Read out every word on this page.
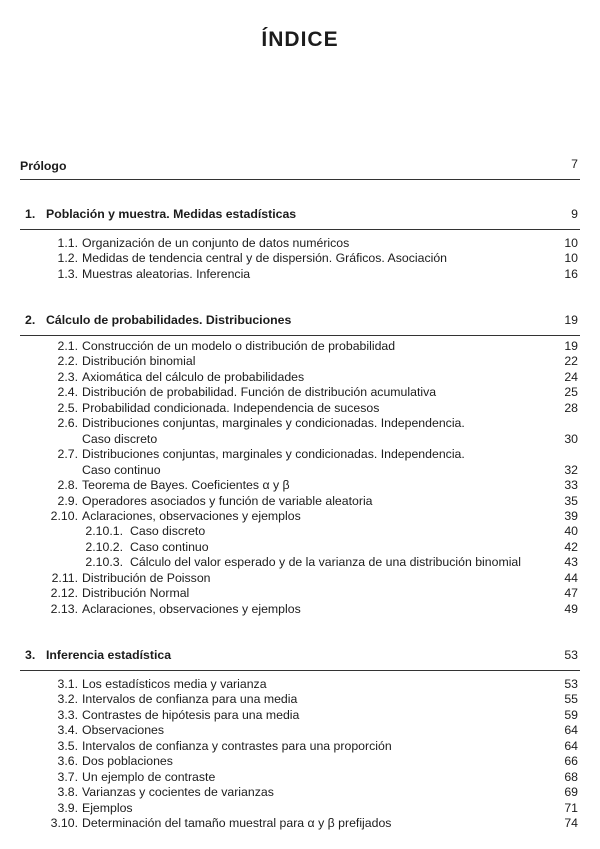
ÍNDICE
Prólogo	7
1. Población y muestra. Medidas estadísticas	9
1.1. Organización de un conjunto de datos numéricos	10
1.2. Medidas de tendencia central y de dispersión. Gráficos. Asociación	10
1.3. Muestras aleatorias. Inferencia	16
2. Cálculo de probabilidades. Distribuciones	19
2.1. Construcción de un modelo o distribución de probabilidad	19
2.2. Distribución binomial	22
2.3. Axiomática del cálculo de probabilidades	24
2.4. Distribución de probabilidad. Función de distribución acumulativa	25
2.5. Probabilidad condicionada. Independencia de sucesos	28
2.6. Distribuciones conjuntas, marginales y condicionadas. Independencia.
Caso discreto	30
2.7. Distribuciones conjuntas, marginales y condicionadas. Independencia.
Caso continuo	32
2.8. Teorema de Bayes. Coeficientes α y β	33
2.9. Operadores asociados y función de variable aleatoria	35
2.10. Aclaraciones, observaciones y ejemplos	39
2.10.1. Caso discreto	40
2.10.2. Caso continuo	42
2.10.3. Cálculo del valor esperado y de la varianza de una distribución binomial	43
2.11. Distribución de Poisson	44
2.12. Distribución Normal	47
2.13. Aclaraciones, observaciones y ejemplos	49
3. Inferencia estadística	53
3.1. Los estadísticos media y varianza	53
3.2. Intervalos de confianza para una media	55
3.3. Contrastes de hipótesis para una media	59
3.4. Observaciones	64
3.5. Intervalos de confianza y contrastes para una proporción	64
3.6. Dos poblaciones	66
3.7. Un ejemplo de contraste	68
3.8. Varianzas y cocientes de varianzas	69
3.9. Ejemplos	71
3.10. Determinación del tamaño muestral para α y β prefijados	74
